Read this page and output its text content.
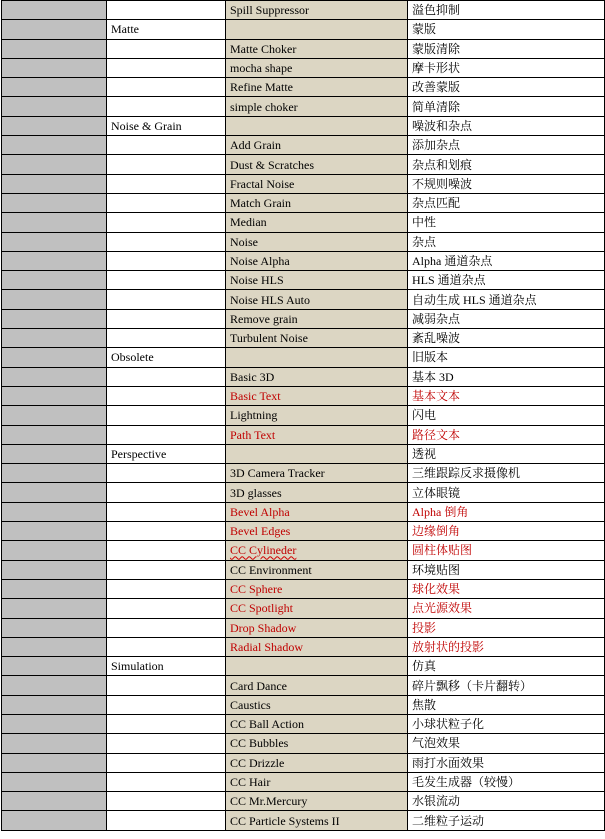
		Spill Suppressor	溢色抑制
	Matte		蒙版
		Matte Choker	蒙版清除
		mocha shape	摩卡形状
		Refine Matte	改善蒙版
		simple choker	简单清除
	Noise & Grain		噪波和杂点
		Add Grain	添加杂点
		Dust & Scratches	杂点和划痕
		Fractal Noise	不规则噪波
		Match Grain	杂点匹配
		Median	中性
		Noise	杂点
		Noise Alpha	Alpha 通道杂点
		Noise HLS	HLS 通道杂点
		Noise HLS Auto	自动生成 HLS 通道杂点
		Remove grain	减弱杂点
		Turbulent Noise	紊乱噪波
	Obsolete		旧版本
		Basic 3D	基本 3D
		Basic Text	基本文本
		Lightning	闪电
		Path Text	路径文本
	Perspective		透视
		3D Camera Tracker	三维跟踪反求摄像机
		3D glasses	立体眼镜
		Bevel Alpha	Alpha 倒角
		Bevel Edges	边缘倒角
		CC Cylineder	圆柱体贴图
		CC Environment	环境贴图
		CC Sphere	球化效果
		CC Spotlight	点光源效果
		Drop Shadow	投影
		Radial Shadow	放射状的投影
	Simulation		仿真
		Card Dance	碎片飘移（卡片翻转）
		Caustics	焦散
		CC Ball Action	小球状粒子化
		CC Bubbles	气泡效果
		CC Drizzle	雨打水面效果
		CC Hair	毛发生成器（较慢）
		CC Mr.Mercury	水银流动
		CC Particle Systems II	二维粒子运动
